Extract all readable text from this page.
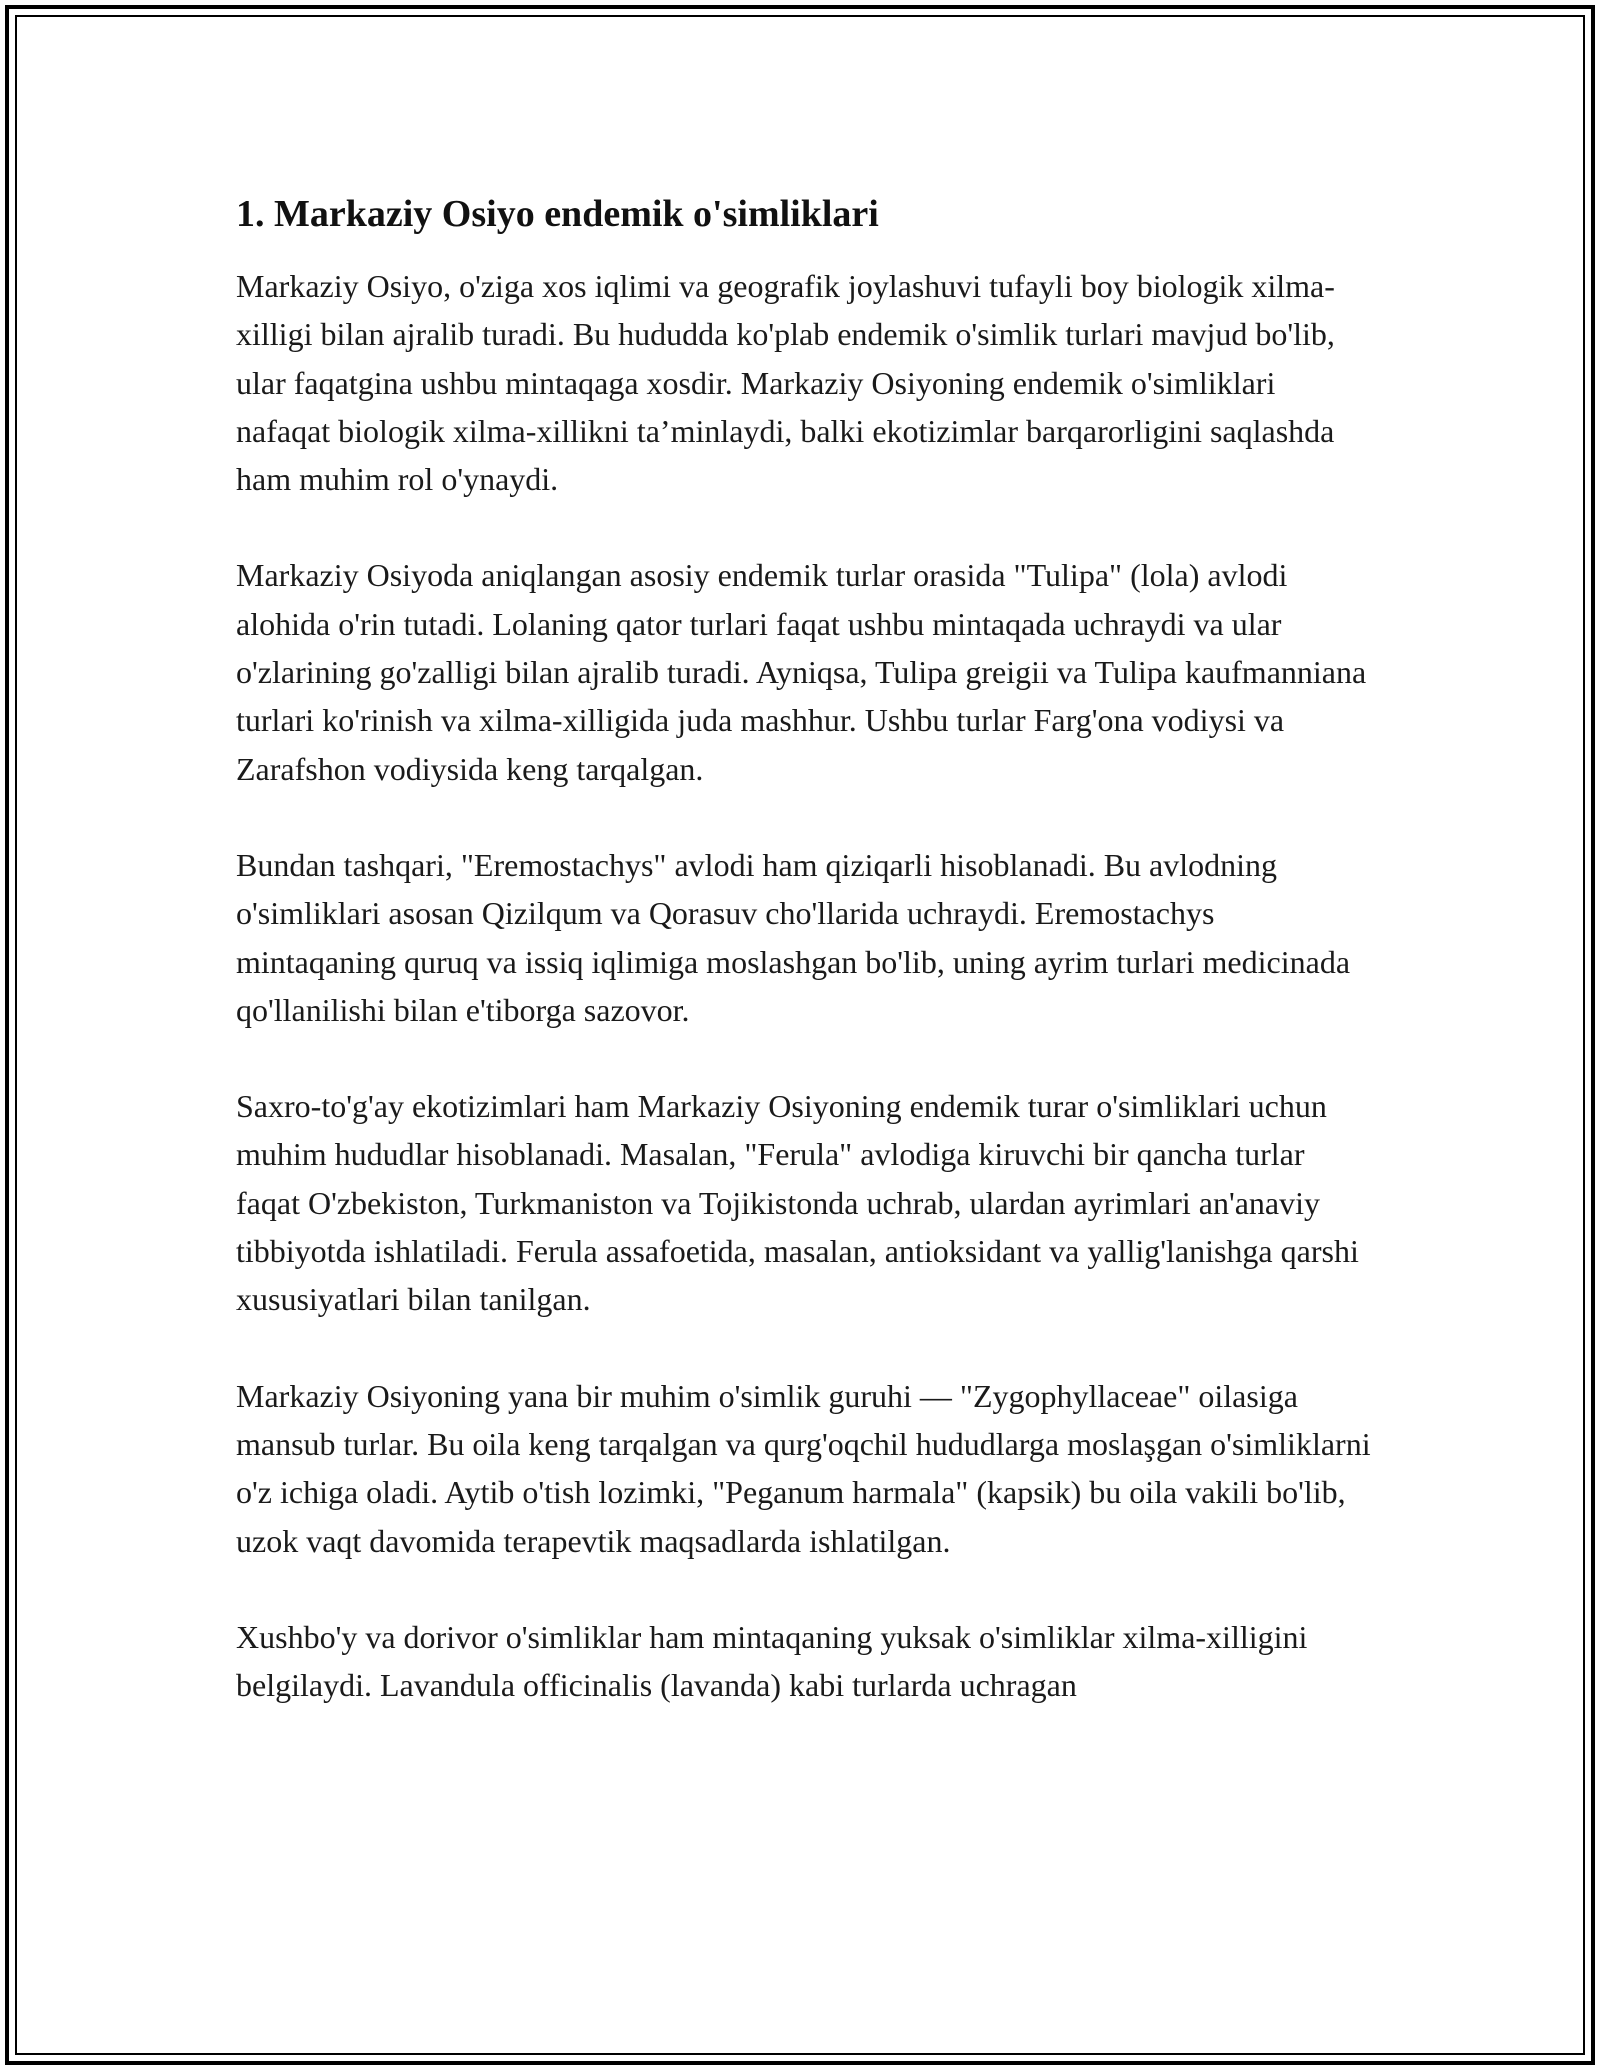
1. Markaziy Osiyo endemik o'simliklari

Markaziy Osiyo, o'ziga xos iqlimi va geografik joylashuvi tufayli boy biologik xilma-xilligi bilan ajralib turadi. Bu hududda ko'plab endemik o'simlik turlari mavjud bo'lib, ular faqatgina ushbu mintaqaga xosdir. Markaziy Osiyoning endemik o'simliklari nafaqat biologik xilma-xillikni ta’minlaydi, balki ekotizimlar barqarorligini saqlashda ham muhim rol o'ynaydi.

Markaziy Osiyoda aniqlangan asosiy endemik turlar orasida "Tulipa" (lola) avlodi alohida o'rin tutadi. Lolaning qator turlari faqat ushbu mintaqada uchraydi va ular o'zlarining go'zalligi bilan ajralib turadi. Ayniqsa, Tulipa greigii va Tulipa kaufmanniana turlari ko'rinish va xilma-xilligida juda mashhur. Ushbu turlar Farg'ona vodiysi va Zarafshon vodiysida keng tarqalgan.

Bundan tashqari, "Eremostachys" avlodi ham qiziqarli hisoblanadi. Bu avlodning o'simliklari asosan Qizilqum va Qorasuv cho'llarida uchraydi. Eremostachys mintaqaning quruq va issiq iqlimiga moslashgan bo'lib, uning ayrim turlari medicinada qo'llanilishi bilan e'tiborga sazovor.

Saxro-to'g'ay ekotizimlari ham Markaziy Osiyoning endemik turar o'simliklari uchun muhim hududlar hisoblanadi. Masalan, "Ferula" avlodiga kiruvchi bir qancha turlar faqat O'zbekiston, Turkmaniston va Tojikistonda uchrab, ulardan ayrimlari an'anaviy tibbiyotda ishlatiladi. Ferula assafoetida, masalan, antioksidant va yallig'lanishga qarshi xususiyatlari bilan tanilgan.

Markaziy Osiyoning yana bir muhim o'simlik guruhi — "Zygophyllaceae" oilasiga mansub turlar. Bu oila keng tarqalgan va qurg'oqchil hududlarga moslaşgan o'simliklarni o'z ichiga oladi. Aytib o'tish lozimki, "Peganum harmala" (kapsik) bu oila vakili bo'lib, uzok vaqt davomida terapevtik maqsadlarda ishlatilgan.

Xushbo'y va dorivor o'simliklar ham mintaqaning yuksak o'simliklar xilma-xilligini belgilaydi. Lavandula officinalis (lavanda) kabi turlarda uchragan
